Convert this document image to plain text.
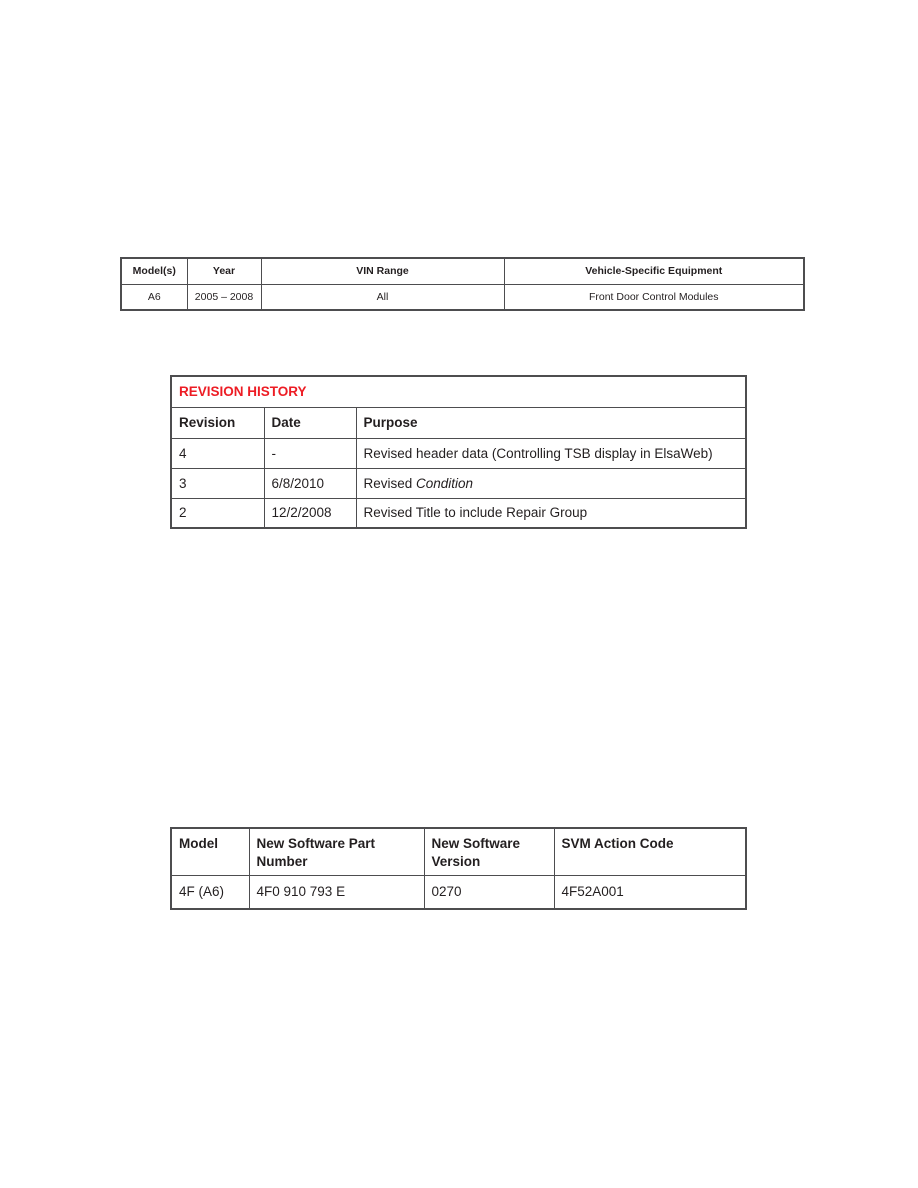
Model(s)	Year	VIN Range	Vehicle-Specific Equipment
A6	2005 – 2008	All	Front Door Control Modules
REVISION HISTORY		
Revision	Date	Purpose
4	-	Revised header data (Controlling TSB display in ElsaWeb)
3	6/8/2010	Revised Condition
2	12/2/2008	Revised Title to include Repair Group
Model	New Software Part Number	New Software Version	SVM Action Code
4F (A6)	4F0 910 793 E	0270	4F52A001
